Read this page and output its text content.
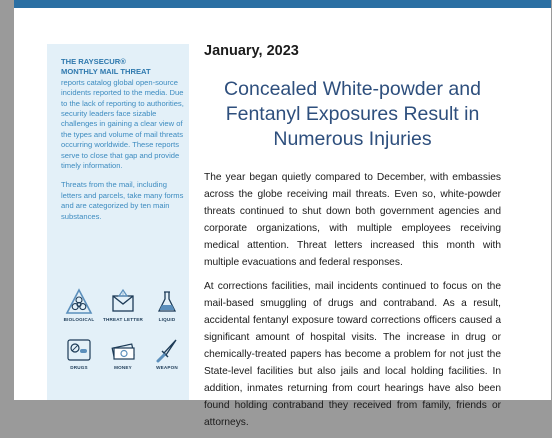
THE RAYSECUR®
MONTHLY MAIL THREAT
reports catalog global open-source incidents reported to the media. Due to the lack of reporting to authorities, security leaders face sizable challenges in gaining a clear view of the types and volume of mail threats occurring worldwide. These reports serve to close that gap and provide timely information.

Threats from the mail, including letters and parcels, take many forms and are categorized by ten main substances.

BIOLOGICAL
!
THREAT LETTER	LIQUID
DRUGS	MONEY	WEAPON

January, 2023

Concealed White-powder and Fentanyl Exposures Result in Numerous Injuries

The year began quietly compared to December, with embassies across the globe receiving mail threats. Even so, white-powder threats continued to shut down both government agencies and corporate organizations, with multiple employees receiving medical attention. Threat letters increased this month with multiple evacuations and federal responses.

At corrections facilities, mail incidents continued to focus on the mail-based smuggling of drugs and contraband. As a result, accidental fentanyl exposure toward corrections officers caused a significant amount of hospital visits. The increase in drug or chemically-treated papers has become a problem for not just the State-level facilities but also jails and local holding facilities. In addition, inmates returning from court hearings have also been found holding contraband they received from family, friends or attorneys.
